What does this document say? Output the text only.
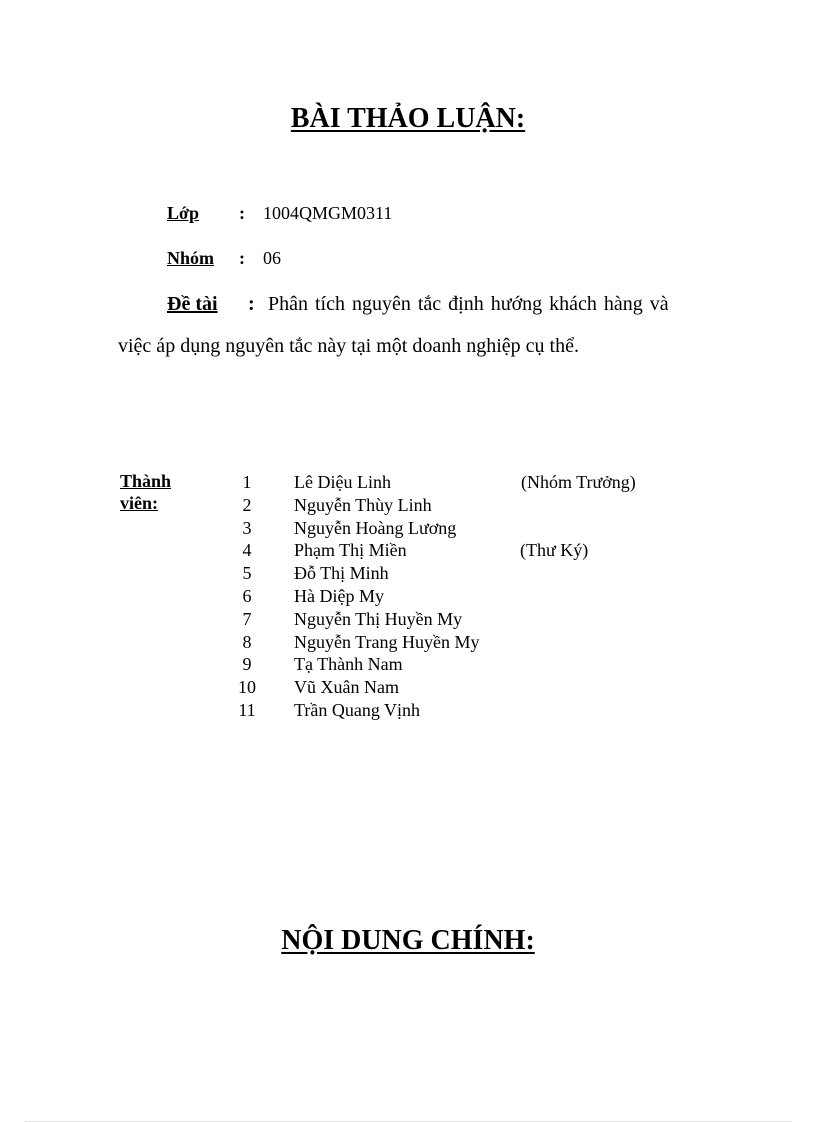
BÀI THẢO LUẬN:
Lớp : 1004QMGM0311
Nhóm : 06
Đề tài : Phân tích nguyên tắc định hướng khách hàng và
việc áp dụng nguyên tắc này tại một doanh nghiệp cụ thể.
Thành viên:
1	Lê Diệu Linh	(Nhóm Trưởng)
2	Nguyễn Thùy Linh
3	Nguyễn Hoàng Lương
4	Phạm Thị Miền	(Thư Ký)
5	Đỗ Thị Minh
6	Hà Diệp My
7	Nguyễn Thị Huyền My
8	Nguyễn Trang Huyền My
9	Tạ Thành Nam
10	Vũ Xuân Nam
11	Trần Quang Vịnh
NỘI DUNG CHÍNH:
